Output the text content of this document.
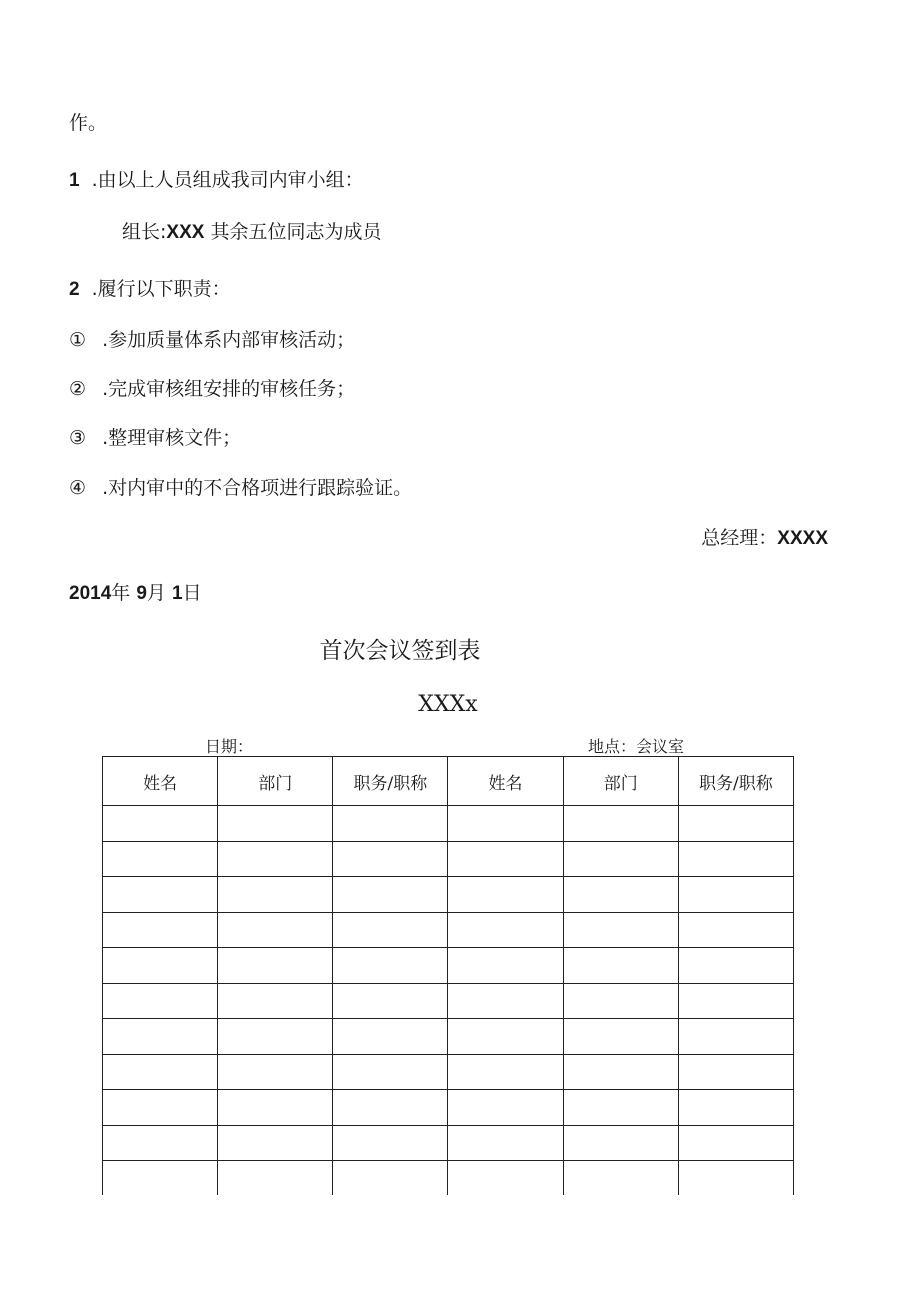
作。
1 .由以上人员组成我司内审小组：
组长:XXX 其余五位同志为成员
2 .履行以下职责：
① .参加质量体系内部审核活动；
② .完成审核组安排的审核任务；
③ .整理审核文件；
④ .对内审中的不合格项进行跟踪验证。
总经理：XXXX
2014年 9月 1日
首次会议签到表
XXXx
日期：	地点：会议室
姓名	部门	职务/职称	姓名	部门	职务/职称
